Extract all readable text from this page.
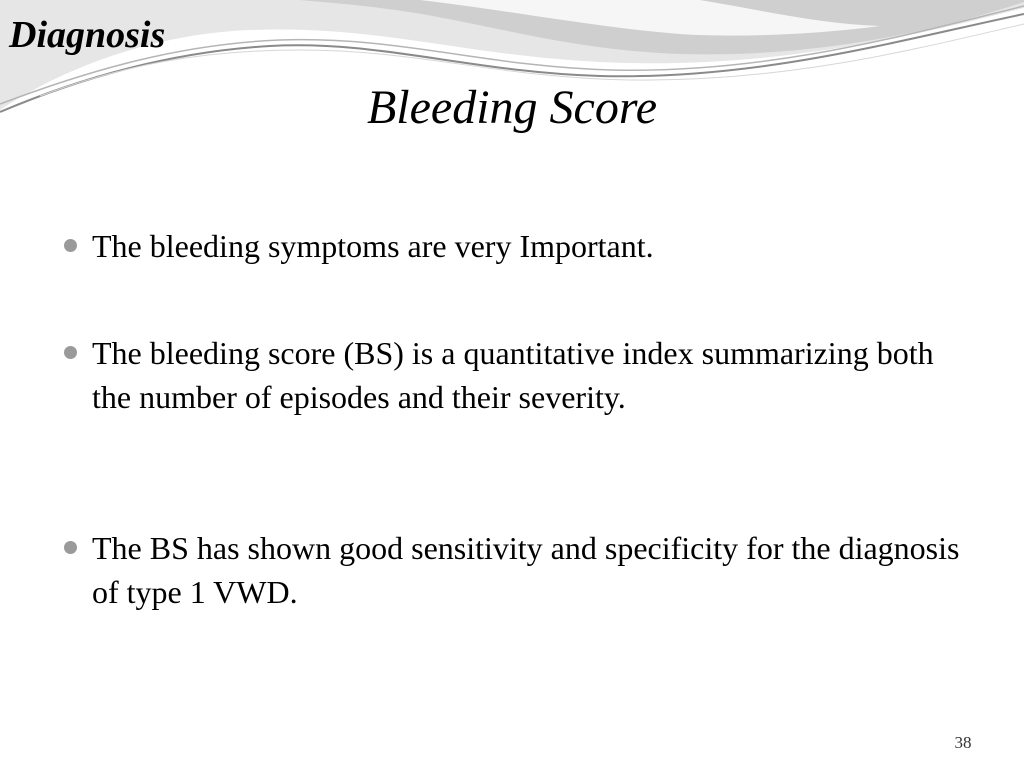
Diagnosis
Bleeding Score
The bleeding symptoms are very Important.
The bleeding score (BS) is a quantitative index summarizing both the number of episodes and their severity.
The BS has shown good sensitivity and specificity for the diagnosis of type 1 VWD.
38
